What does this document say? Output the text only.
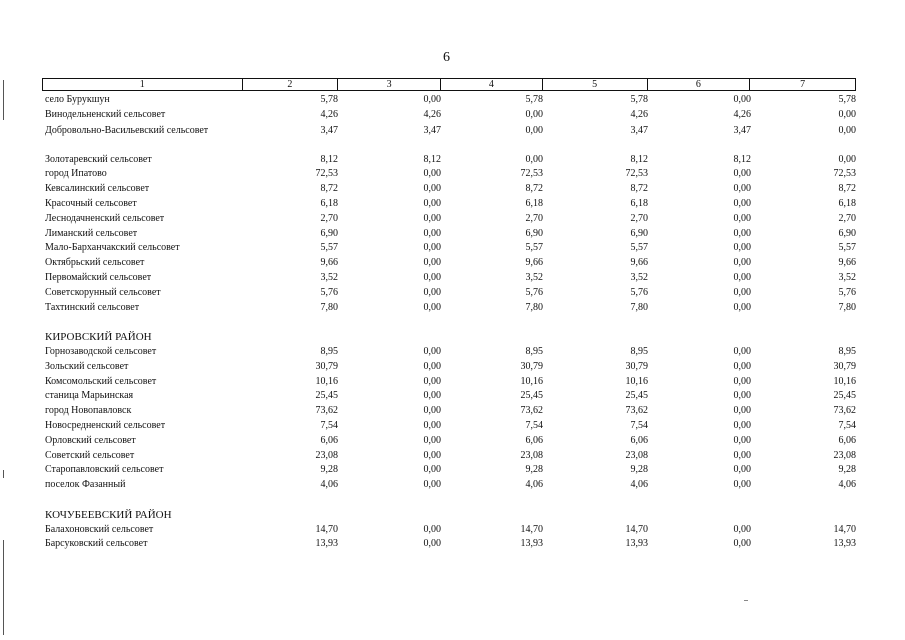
6
1	2	3	4	5	6	7
село Бурукшун	5,78	0,00	5,78	5,78	0,00	5,78
Винодельненский сельсовет	4,26	4,26	0,00	4,26	4,26	0,00
Добровольно-Васильевский сельсовет	3,47	3,47	0,00	3,47	3,47	0,00
Золотаревский сельсовет	8,12	8,12	0,00	8,12	8,12	0,00
город Ипатово	72,53	0,00	72,53	72,53	0,00	72,53
Кевсалинский сельсовет	8,72	0,00	8,72	8,72	0,00	8,72
Красочный сельсовет	6,18	0,00	6,18	6,18	0,00	6,18
Леснодачненский сельсовет	2,70	0,00	2,70	2,70	0,00	2,70
Лиманский сельсовет	6,90	0,00	6,90	6,90	0,00	6,90
Мало-Барханчакский сельсовет	5,57	0,00	5,57	5,57	0,00	5,57
Октябрьский сельсовет	9,66	0,00	9,66	9,66	0,00	9,66
Первомайский сельсовет	3,52	0,00	3,52	3,52	0,00	3,52
Советскорунный сельсовет	5,76	0,00	5,76	5,76	0,00	5,76
Тахтинский сельсовет	7,80	0,00	7,80	7,80	0,00	7,80
КИРОВСКИЙ РАЙОН
Горнозаводской сельсовет	8,95	0,00	8,95	8,95	0,00	8,95
Зольский сельсовет	30,79	0,00	30,79	30,79	0,00	30,79
Комсомольский сельсовет	10,16	0,00	10,16	10,16	0,00	10,16
станица Марьинская	25,45	0,00	25,45	25,45	0,00	25,45
город Новопавловск	73,62	0,00	73,62	73,62	0,00	73,62
Новосредненский сельсовет	7,54	0,00	7,54	7,54	0,00	7,54
Орловский сельсовет	6,06	0,00	6,06	6,06	0,00	6,06
Советский сельсовет	23,08	0,00	23,08	23,08	0,00	23,08
Старопавловский сельсовет	9,28	0,00	9,28	9,28	0,00	9,28
поселок Фазанный	4,06	0,00	4,06	4,06	0,00	4,06
КОЧУБЕЕВСКИЙ РАЙОН
Балахоновский сельсовет	14,70	0,00	14,70	14,70	0,00	14,70
Барсуковский сельсовет	13,93	0,00	13,93	13,93	0,00	13,93
